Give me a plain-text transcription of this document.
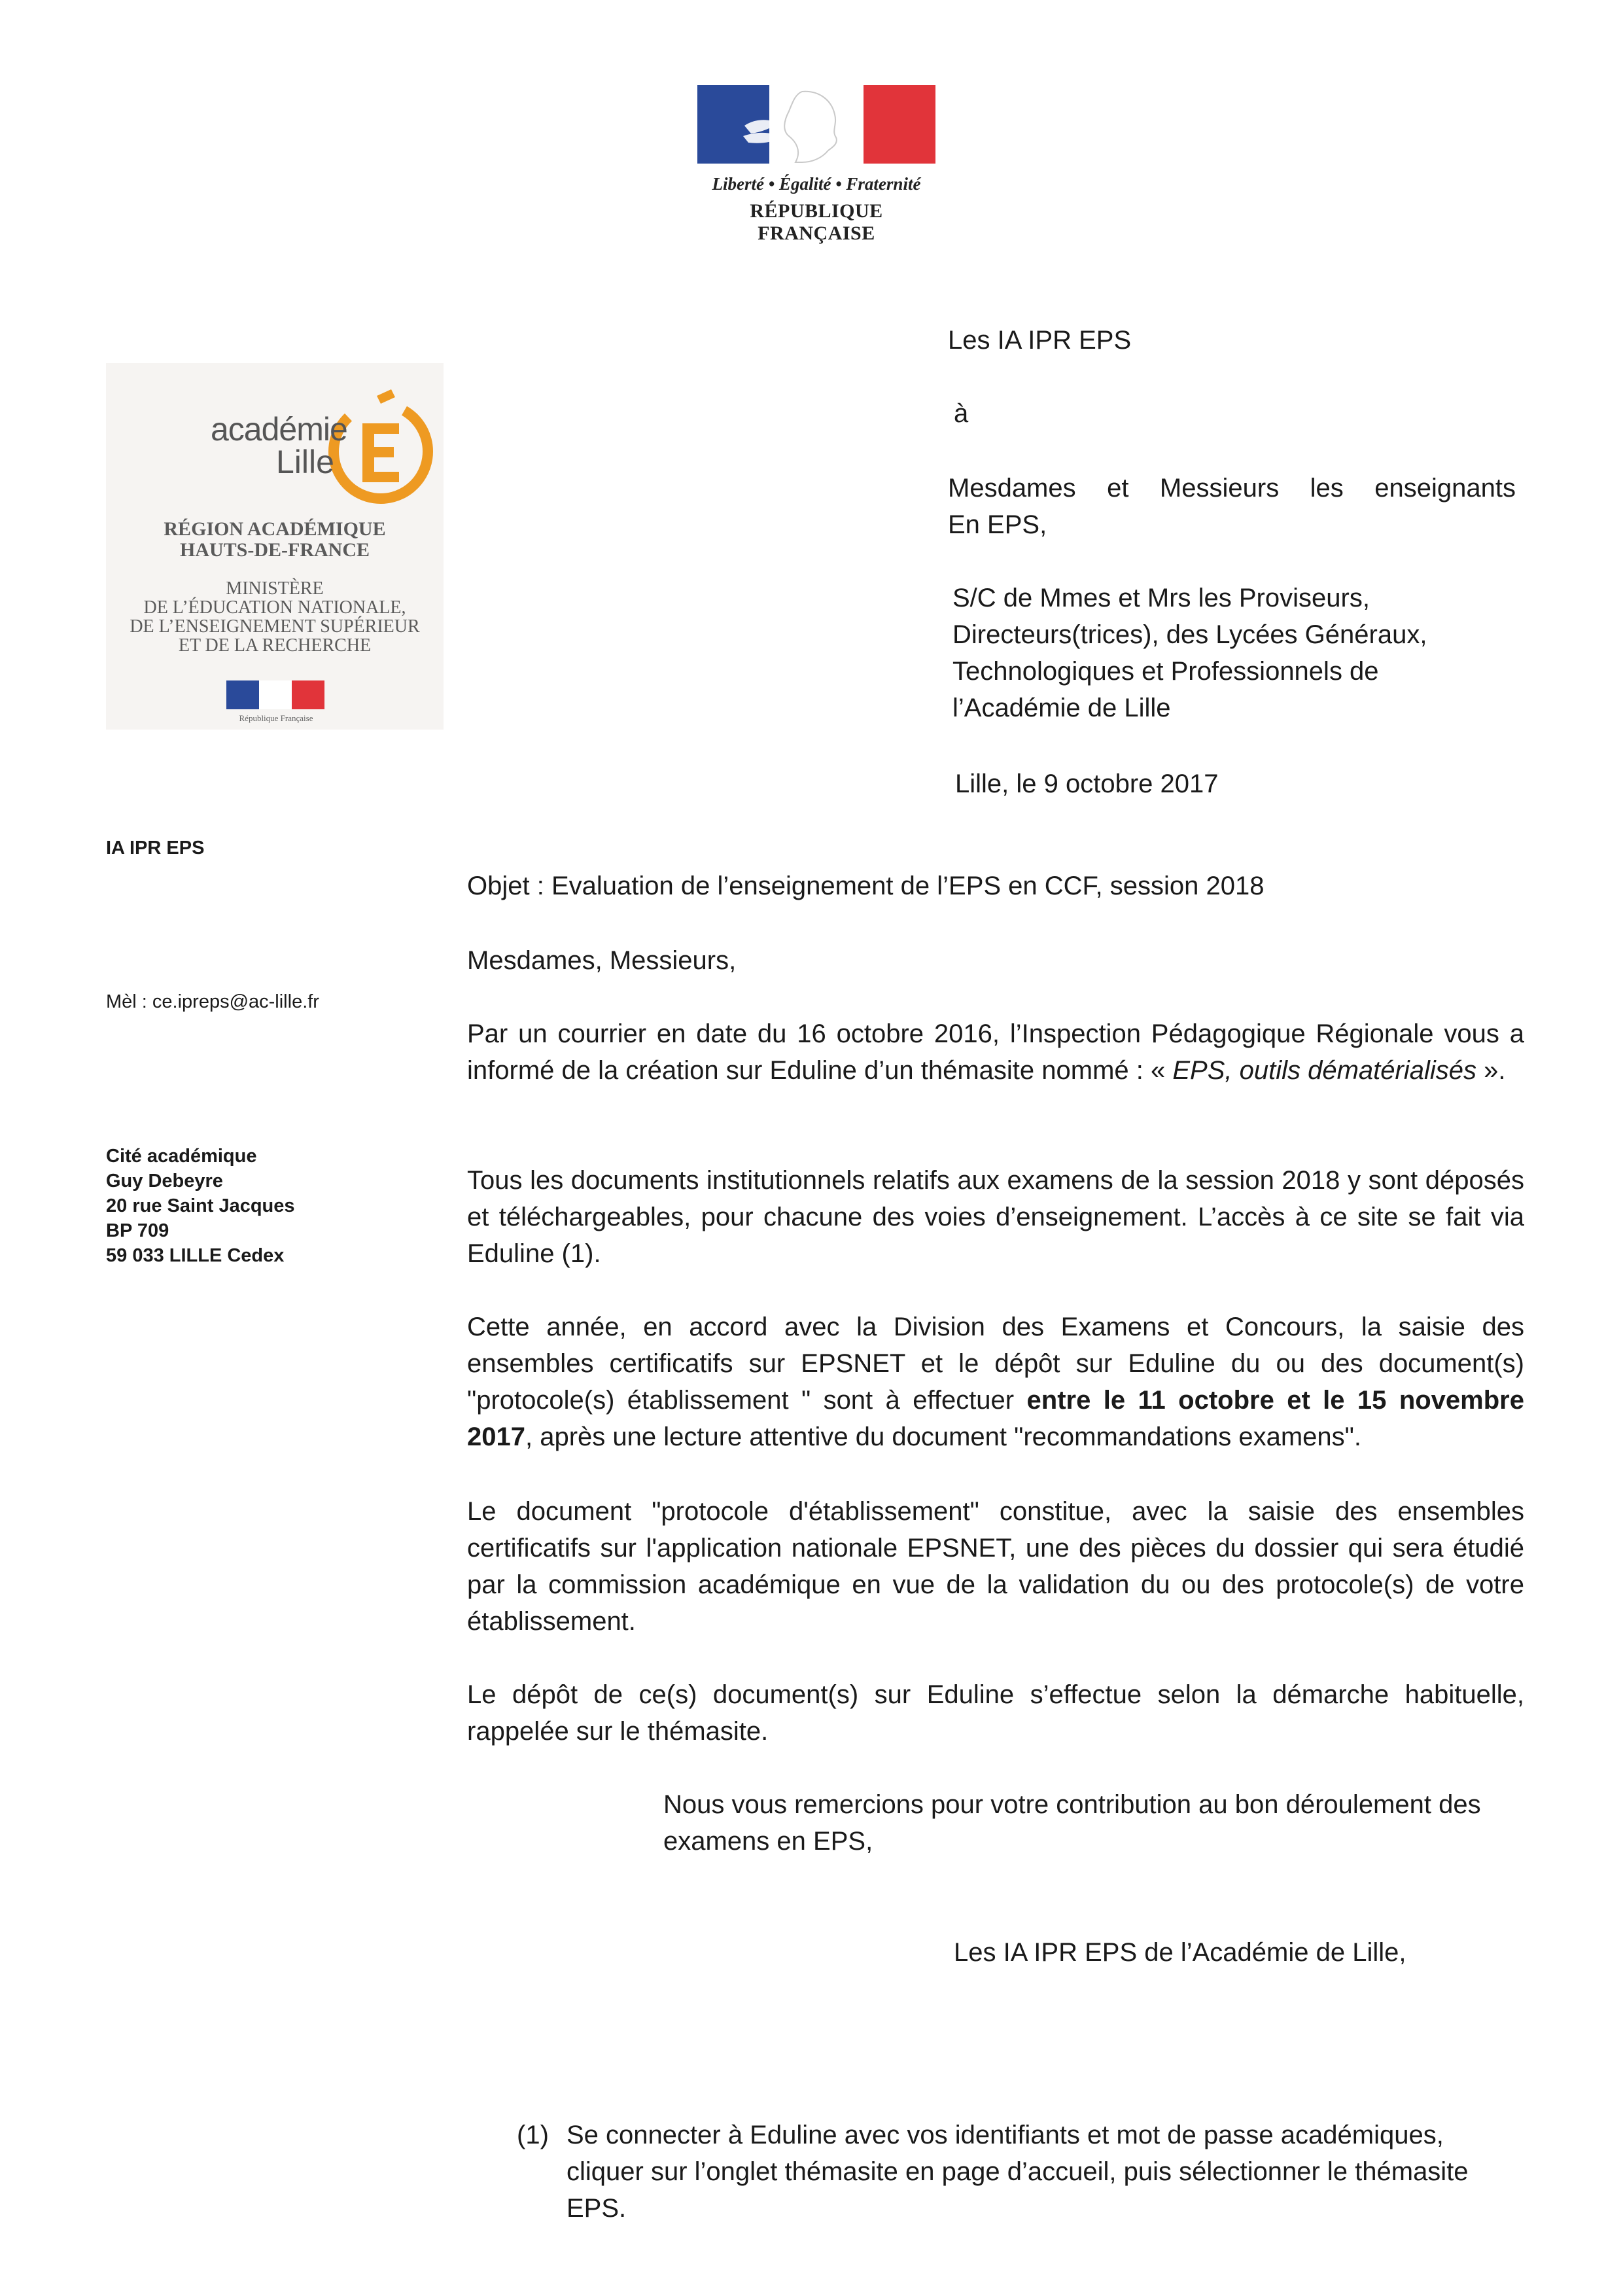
Liberté • Égalité • Fraternité
RÉPUBLIQUE FRANÇAISE
académie
Lille
RÉGION ACADÉMIQUE
HAUTS-DE-FRANCE
MINISTÈRE
DE L’ÉDUCATION NATIONALE,
DE L’ENSEIGNEMENT SUPÉRIEUR
ET DE LA RECHERCHE
République Française
Les IA IPR EPS
à
Mesdames et Messieurs les enseignants
En EPS,
S/C de Mmes et Mrs les Proviseurs,
Directeurs(trices), des Lycées Généraux,
Technologiques et Professionnels de
l’Académie de Lille
Lille, le 9 octobre 2017
IA IPR EPS
Mèl : ce.ipreps@ac-lille.fr
Cité académique
Guy Debeyre
20 rue Saint Jacques
BP 709
59 033 LILLE Cedex
Objet : Evaluation de l’enseignement de l’EPS en CCF, session 2018
Mesdames, Messieurs,
Par un courrier en date du 16 octobre 2016, l’Inspection Pédagogique Régionale vous a informé de la création sur Eduline d’un thémasite nommé : « EPS, outils dématérialisés ».
Tous les documents institutionnels relatifs aux examens de la session 2018 y sont déposés et téléchargeables, pour chacune des voies d’enseignement. L’accès à ce site se fait via Eduline (1).
Cette année, en accord avec la Division des Examens et Concours, la saisie des ensembles certificatifs sur EPSNET et le dépôt sur Eduline du ou des document(s) "protocole(s) établissement " sont à effectuer entre le 11 octobre et le 15 novembre 2017, après une lecture attentive du document "recommandations examens".
Le document "protocole d'établissement" constitue, avec la saisie des ensembles certificatifs sur l'application nationale EPSNET, une des pièces du dossier qui sera étudié par la commission académique en vue de la validation du ou des protocole(s) de votre établissement.
Le dépôt de ce(s) document(s) sur Eduline s’effectue selon la démarche habituelle, rappelée sur le thémasite.
Nous vous remercions pour votre contribution au bon déroulement des examens en EPS,
Les IA IPR EPS de l’Académie de Lille,
(1) Se connecter à Eduline avec vos identifiants et mot de passe académiques, cliquer sur l’onglet thémasite en page d’accueil, puis sélectionner le thémasite EPS.
